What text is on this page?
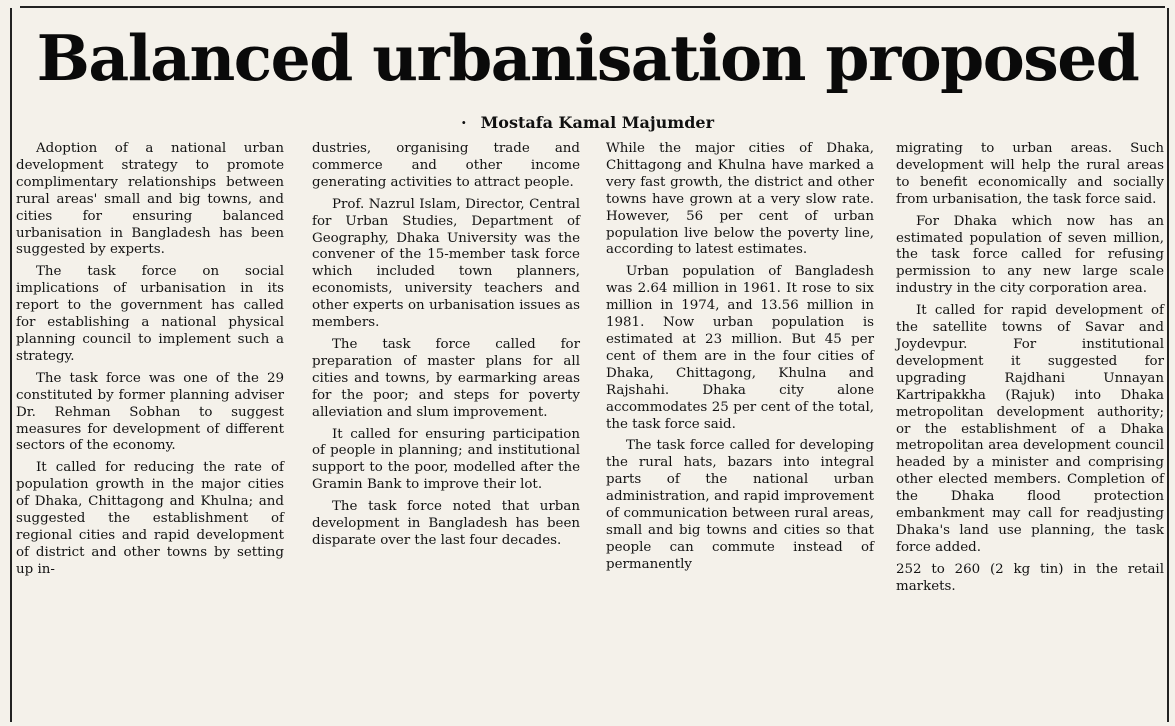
Balanced urbanisation proposed
· Mostafa Kamal Majumder

Adoption of a national urban development strategy to promote complimentary relationships between rural areas' small and big towns, and cities for ensuring balanced urbanisation in Bangladesh has been suggested by experts.

The task force on social implications of urbanisation in its report to the government has called for establishing a national physical planning council to implement such a strategy.

The task force was one of the 29 constituted by former planning adviser Dr. Rehman Sobhan to suggest measures for development of different sectors of the economy.

It called for reducing the rate of population growth in the major cities of Dhaka, Chittagong and Khulna; and suggested the establishment of regional cities and rapid development of district and other towns by setting up in-

dustries, organising trade and commerce and other income generating activities to attract people.

Prof. Nazrul Islam, Director, Central for Urban Studies, Department of Geography, Dhaka University was the convener of the 15-member task force which included town planners, economists, university teachers and other experts on urbanisation issues as members.

The task force called for preparation of master plans for all cities and towns, by earmarking areas for the poor; and steps for poverty alleviation and slum improvement.

It called for ensuring participation of people in planning; and institutional support to the poor, modelled after the Gramin Bank to improve their lot.

The task force noted that urban development in Bangladesh has been disparate over the last four decades.

While the major cities of Dhaka, Chittagong and Khulna have marked a very fast growth, the district and other towns have grown at a very slow rate. However, 56 per cent of urban population live below the poverty line, according to latest estimates.

Urban population of Bangladesh was 2.64 million in 1961. It rose to six million in 1974, and 13.56 million in 1981. Now urban population is estimated at 23 million. But 45 per cent of them are in the four cities of Dhaka, Chittagong, Khulna and Rajshahi. Dhaka city alone accommodates 25 per cent of the total, the task force said.

The task force called for developing the rural hats, bazars into integral parts of the national urban administration, and rapid improvement of communication between rural areas, small and big towns and cities so that people can commute instead of permanently

migrating to urban areas. Such development will help the rural areas to benefit economically and socially from urbanisation, the task force said.

For Dhaka which now has an estimated population of seven million, the task force called for refusing permission to any new large scale industry in the city corporation area.

It called for rapid development of the satellite towns of Savar and Joydevpur. For institutional development it suggested for upgrading Rajdhani Unnayan Kartripakkha (Rajuk) into Dhaka metropolitan development authority; or the establishment of a Dhaka metropolitan area development council headed by a minister and comprising other elected members. Completion of the Dhaka flood protection embankment may call for readjusting Dhaka's land use planning, the task force added.

252 to 260 (2 kg tin) in the retail markets.
